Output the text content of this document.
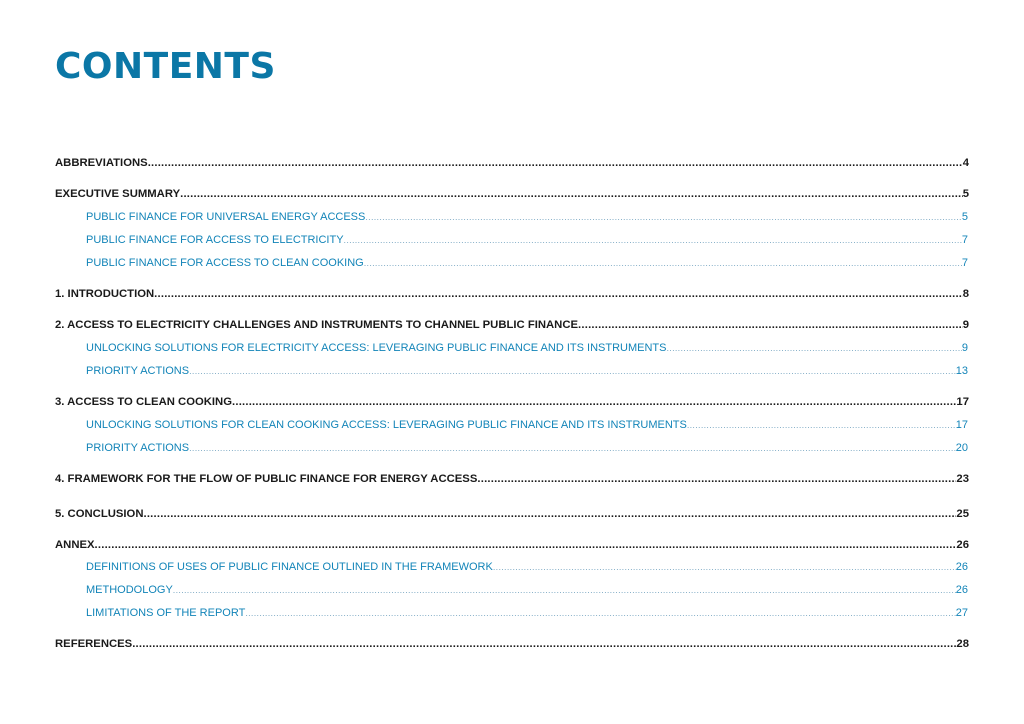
CONTENTS
ABBREVIATIONS .....	4
EXECUTIVE SUMMARY .....	5
PUBLIC FINANCE FOR UNIVERSAL ENERGY ACCESS .....	5
PUBLIC FINANCE FOR ACCESS TO ELECTRICITY .....	7
PUBLIC FINANCE FOR ACCESS TO CLEAN COOKING .....	7
1. INTRODUCTION .....	8
2. ACCESS TO ELECTRICITY CHALLENGES AND INSTRUMENTS TO CHANNEL PUBLIC FINANCE .....	9
UNLOCKING SOLUTIONS FOR ELECTRICITY ACCESS: LEVERAGING PUBLIC FINANCE AND ITS INSTRUMENTS .....	9
PRIORITY ACTIONS .....	13
3. ACCESS TO CLEAN COOKING .....	17
UNLOCKING SOLUTIONS FOR CLEAN COOKING ACCESS: LEVERAGING PUBLIC FINANCE AND ITS INSTRUMENTS .....	17
PRIORITY ACTIONS .....	20
4. FRAMEWORK FOR THE FLOW OF PUBLIC FINANCE FOR ENERGY ACCESS .....	23
5. CONCLUSION .....	25
ANNEX .....	26
DEFINITIONS OF USES OF PUBLIC FINANCE OUTLINED IN THE FRAMEWORK .....	26
METHODOLOGY .....	26
LIMITATIONS OF THE REPORT .....	27
REFERENCES .....	28
